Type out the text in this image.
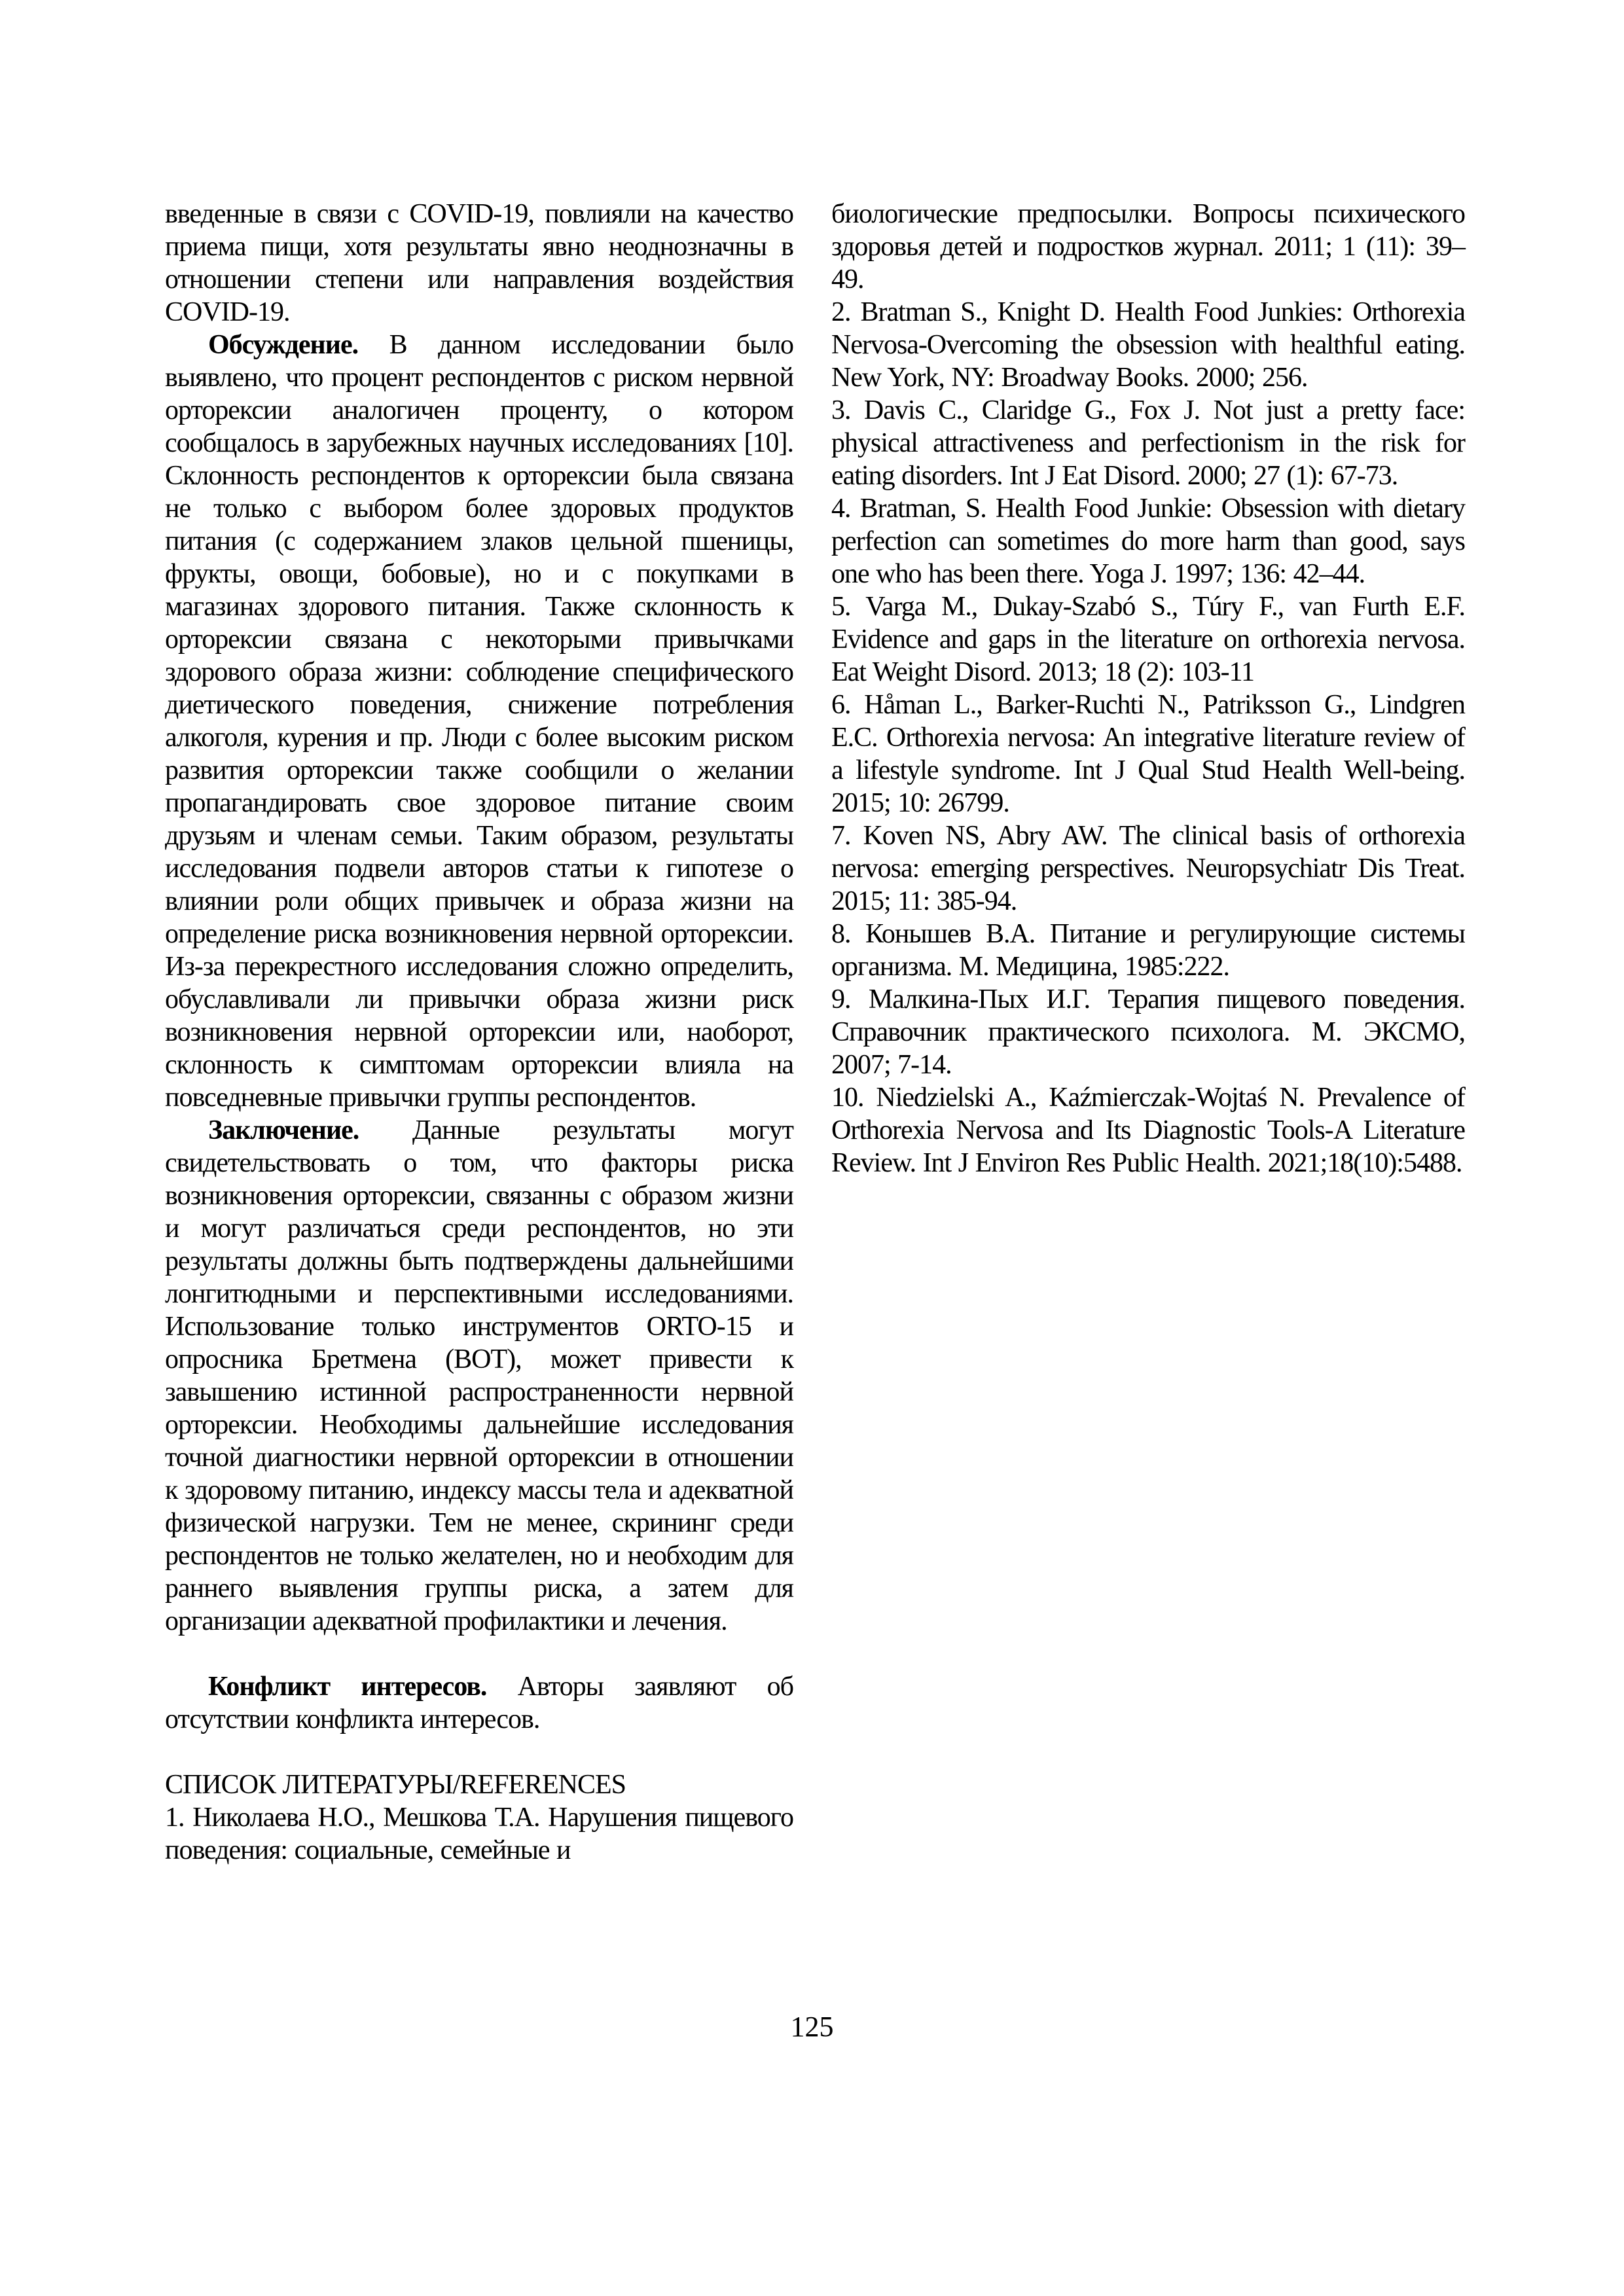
введенные в связи с COVID-19, повлияли на качество приема пищи, хотя результаты явно неоднозначны в отношении степени или направления воздействия COVID-19.

Обсуждение. В данном исследовании было выявлено, что процент респондентов с риском нервной орторексии аналогичен проценту, о котором сообщалось в зарубежных научных исследованиях [10]. Склонность респондентов к орторексии была связана не только с выбором более здоровых продуктов питания (с содержанием злаков цельной пшеницы, фрукты, овощи, бобовые), но и с покупками в магазинах здорового питания. Также склонность к орторексии связана с некоторыми привычками здорового образа жизни: соблюдение специфического диетического поведения, снижение потребления алкоголя, курения и пр. Люди с более высоким риском развития орторексии также сообщили о желании пропагандировать свое здоровое питание своим друзьям и членам семьи. Таким образом, результаты исследования подвели авторов статьи к гипотезе о влиянии роли общих привычек и образа жизни на определение риска возникновения нервной орторексии. Из-за перекрестного исследования сложно определить, обуславливали ли привычки образа жизни риск возникновения нервной орторексии или, наоборот, склонность к симптомам орторексии влияла на повседневные привычки группы респондентов.

Заключение. Данные результаты могут свидетельствовать о том, что факторы риска возникновения орторексии, связанны с образом жизни и могут различаться среди респондентов, но эти результаты должны быть подтверждены дальнейшими лонгитюдными и перспективными исследованиями. Использование только инструментов ORTO-15 и опросника Бретмена (BOT), может привести к завышению истинной распространенности нервной орторексии. Необходимы дальнейшие исследования точной диагностики нервной орторексии в отношении к здоровому питанию, индексу массы тела и адекватной физической нагрузки. Тем не менее, скрининг среди респондентов не только желателен, но и необходим для раннего выявления группы риска, а затем для организации адекватной профилактики и лечения.

Конфликт интересов. Авторы заявляют об отсутствии конфликта интересов.

СПИСОК ЛИТЕРАТУРЫ/REFERENCES

1. Николаева Н.О., Мешкова Т.А. Нарушения пищевого поведения: социальные, семейные и

биологические предпосылки. Вопросы психического здоровья детей и подростков журнал. 2011; 1 (11): 39–49.

2. Bratman S., Knight D. Health Food Junkies: Orthorexia Nervosa-Overcoming the obsession with healthful eating. New York, NY: Broadway Books. 2000; 256.

3. Davis C., Claridge G., Fox J. Not just a pretty face: physical attractiveness and perfectionism in the risk for eating disorders. Int J Eat Disord. 2000; 27 (1): 67-73.

4. Bratman, S. Health Food Junkie: Obsession with dietary perfection can sometimes do more harm than good, says one who has been there. Yoga J. 1997; 136: 42–44.

5. Varga M., Dukay-Szabó S., Túry F., van Furth E.F. Evidence and gaps in the literature on orthorexia nervosa. Eat Weight Disord. 2013; 18 (2): 103-11

6. Håman L., Barker-Ruchti N., Patriksson G., Lindgren E.C. Orthorexia nervosa: An integrative literature review of a lifestyle syndrome. Int J Qual Stud Health Well-being. 2015; 10: 26799.

7. Koven NS, Abry AW. The clinical basis of orthorexia nervosa: emerging perspectives. Neuropsychiatr Dis Treat. 2015; 11: 385-94.

8. Конышев В.А. Питание и регулирующие системы организма. М. Медицина, 1985:222.

9. Малкина-Пых И.Г. Терапия пищевого поведения. Справочник практического психолога. М. ЭКСМО, 2007; 7-14.

10. Niedzielski A., Kaźmierczak-Wojtaś N. Prevalence of Orthorexia Nervosa and Its Diagnostic Tools-A Literature Review. Int J Environ Res Public Health. 2021;18(10):5488.

125
